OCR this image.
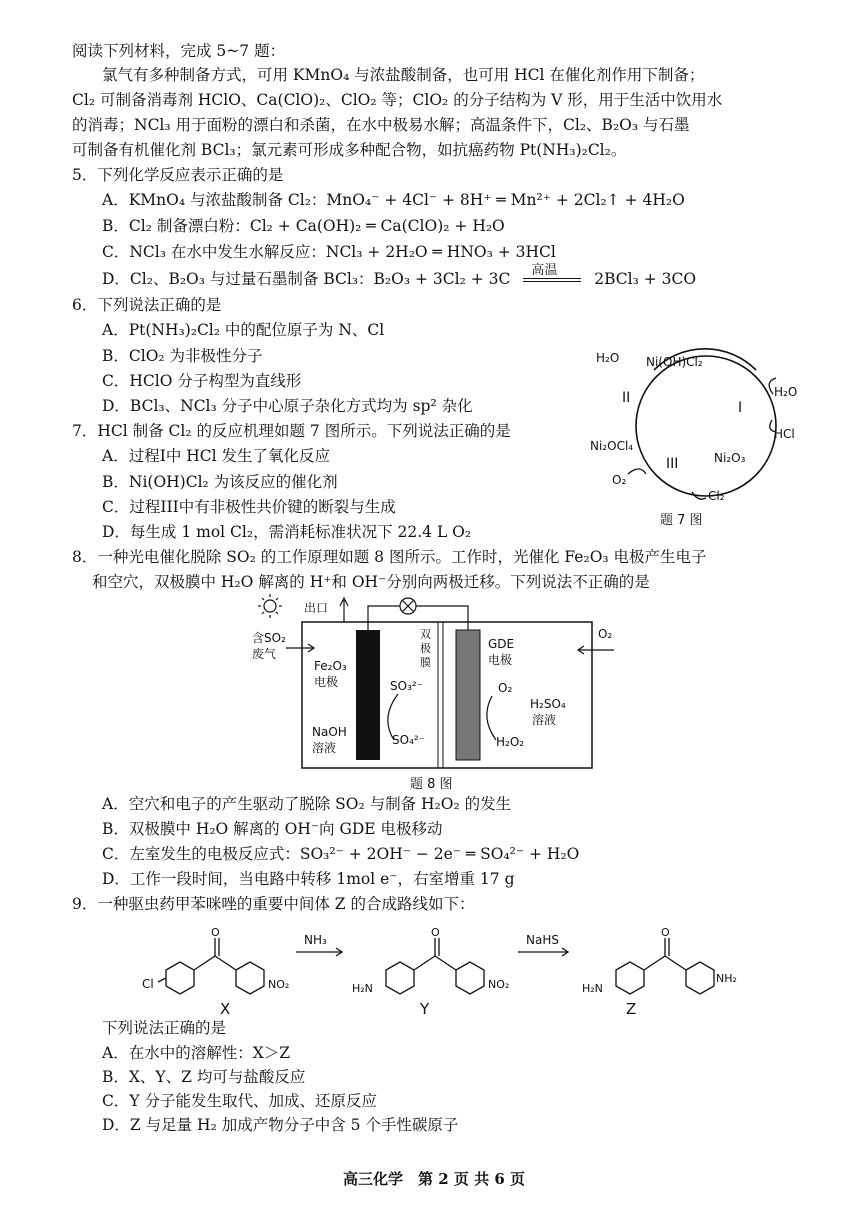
阅读下列材料，完成 5~7 题：
氯气有多种制备方式，可用 KMnO₄ 与浓盐酸制备，也可用 HCl 在催化剂作用下制备；
Cl₂ 可制备消毒剂 HClO、Ca(ClO)₂、ClO₂ 等；ClO₂ 的分子结构为 V 形，用于生活中饮用水
的消毒；NCl₃ 用于面粉的漂白和杀菌，在水中极易水解；高温条件下，Cl₂、B₂O₃ 与石墨
可制备有机催化剂 BCl₃；氯元素可形成多种配合物，如抗癌药物 Pt(NH₃)₂Cl₂。
5．下列化学反应表示正确的是
A．KMnO₄ 与浓盐酸制备 Cl₂：MnO₄⁻ + 4Cl⁻ + 8H⁺ ═ Mn²⁺ + 2Cl₂↑ + 4H₂O
B．Cl₂ 制备漂白粉：Cl₂ + Ca(OH)₂ ═ Ca(ClO)₂ + H₂O
C．NCl₃ 在水中发生水解反应：NCl₃ + 2H₂O ═ HNO₃ + 3HCl
D．Cl₂、B₂O₃ 与过量石墨制备 BCl₃：B₂O₃ + 3Cl₂ + 3C 高温 2BCl₃ + 3CO
6．下列说法正确的是
A．Pt(NH₃)₂Cl₂ 中的配位原子为 N、Cl
B．ClO₂ 为非极性分子
C．HClO 分子构型为直线形
D．BCl₃、NCl₃ 分子中心原子杂化方式均为 sp² 杂化
7．HCl 制备 Cl₂ 的反应机理如题 7 图所示。下列说法正确的是
A．过程I中 HCl 发生了氧化反应
B．Ni(OH)Cl₂ 为该反应的催化剂
C．过程III中有非极性共价键的断裂与生成
D．每生成 1 mol Cl₂，需消耗标准状况下 22.4 L O₂
Ni(OH)Cl₂
H₂O
H₂O
HCl
Ni₂OCl₄
Ni₂O₃
O₂
Cl₂
I
II
III
题 7 图
8．一种光电催化脱除 SO₂ 的工作原理如题 8 图所示。工作时，光催化 Fe₂O₃ 电极产生电子
和空穴，双极膜中 H₂O 解离的 H⁺和 OH⁻分别向两极迁移。下列说法不正确的是
出口
含SO₂
废气
Fe₂O₃
电极	SO₃²⁻
SO₄²⁻
NaOH
溶液
双
极
膜
GDE
电极
O₂
O₂
H₂O₂
H₂SO₄
溶液
题 8 图
A．空穴和电子的产生驱动了脱除 SO₂ 与制备 H₂O₂ 的发生
B．双极膜中 H₂O 解离的 OH⁻向 GDE 电极移动
C．左室发生的电极反应式：SO₃²⁻ + 2OH⁻ − 2e⁻ ═ SO₄²⁻ + H₂O
D．工作一段时间，当电路中转移 1mol e⁻，右室增重 17 g
9．一种驱虫药甲苯咪唑的重要中间体 Z 的合成路线如下：
O
Cl	NO₂
X
NH₃
O
H₂N	NO₂
Y
NaHS
O
H₂N
NH₂
Z
下列说法正确的是
A．在水中的溶解性：X＞Z
B．X、Y、Z 均可与盐酸反应
C．Y 分子能发生取代、加成、还原反应
D．Z 与足量 H₂ 加成产物分子中含 5 个手性碳原子
高三化学　第 2 页 共 6 页
